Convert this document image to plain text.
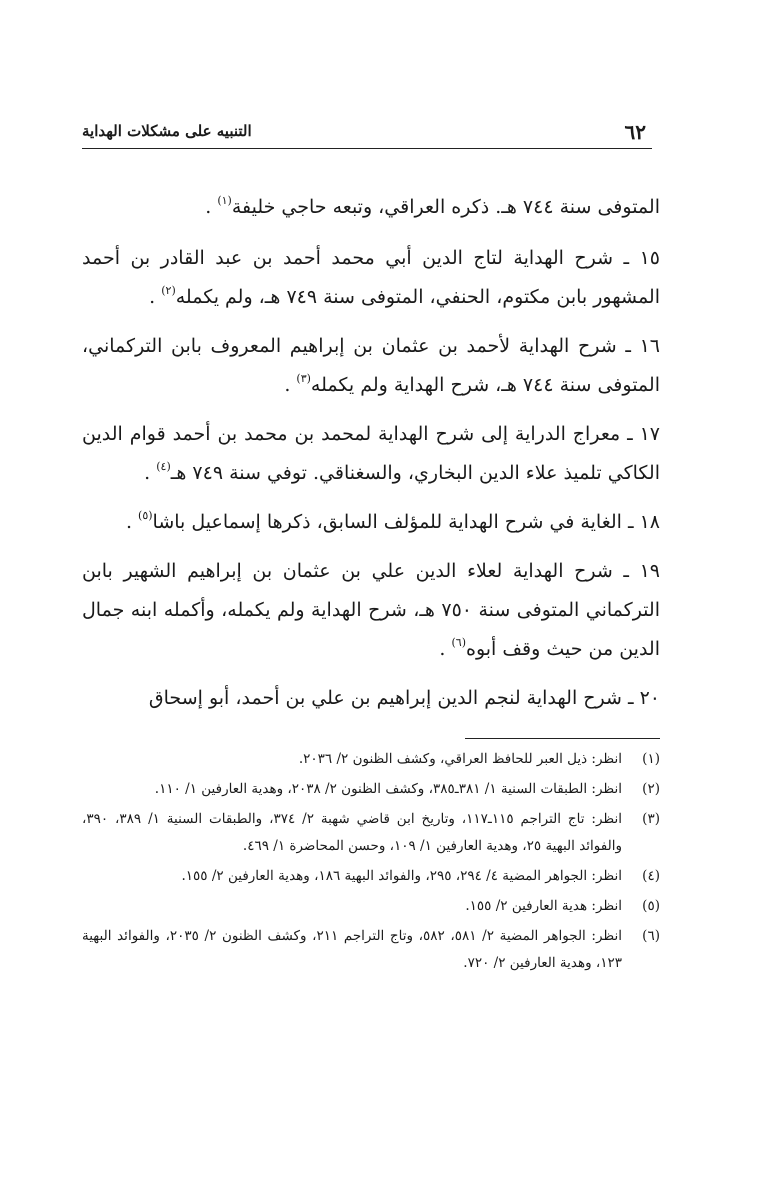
٦٢
التنبيه على مشكلات الهداية

المتوفى سنة ٧٤٤ هـ. ذكره العراقي، وتبعه حاجي خليفة$^{(١)}$ .

١٥ ـ شرح الهداية لتاج الدين أبي محمد أحمد بن عبد القادر بن أحمد المشهور بابن مكتوم، الحنفي، المتوفى سنة ٧٤٩ هـ، ولم يكمله$^{(٢)}$ .

١٦ ـ شرح الهداية لأحمد بن عثمان بن إبراهيم المعروف بابن التركماني، المتوفى سنة ٧٤٤ هـ، شرح الهداية ولم يكمله$^{(٣)}$ .

١٧ ـ معراج الدراية إلى شرح الهداية لمحمد بن محمد بن أحمد قوام الدين الكاكي تلميذ علاء الدين البخاري، والسغناقي. توفي سنة ٧٤٩ هـ$^{(٤)}$ .

١٨ ـ الغاية في شرح الهداية للمؤلف السابق، ذكرها إسماعيل باشا$^{(٥)}$ .

١٩ ـ شرح الهداية لعلاء الدين علي بن عثمان بن إبراهيم الشهير بابن التركماني المتوفى سنة ٧٥٠ هـ، شرح الهداية ولم يكمله، وأكمله ابنه جمال الدين من حيث وقف أبوه$^{(٦)}$ .

٢٠ ـ شرح الهداية لنجم الدين إبراهيم بن علي بن أحمد، أبو إسحاق

(١)
انظر: ذيل العبر للحافظ العراقي، وكشف الظنون ٢/ ٢٠٣٦.
(٢)
انظر: الطبقات السنية ١/ ٣٨١ـ٣٨٥، وكشف الظنون ٢/ ٢٠٣٨، وهدية العارفين ١/ ١١٠.
(٣)
انظر: تاج التراجم ١١٥ـ١١٧، وتاريخ ابن قاضي شهبة ٢/ ٣٧٤، والطبقات السنية ١/ ٣٨٩، ٣٩٠، والفوائد البهية ٢٥، وهدية العارفين ١/ ١٠٩، وحسن المحاضرة ١/ ٤٦٩.
(٤)
انظر: الجواهر المضية ٤/ ٢٩٤، ٢٩٥، والفوائد البهية ١٨٦، وهدية العارفين ٢/ ١٥٥.
(٥)
انظر: هدية العارفين ٢/ ١٥٥.
(٦)
انظر: الجواهر المضية ٢/ ٥٨١، ٥٨٢، وتاج التراجم ٢١١، وكشف الظنون ٢/ ٢٠٣٥، والفوائد البهية ١٢٣، وهدية العارفين ٢/ ٧٢٠.
